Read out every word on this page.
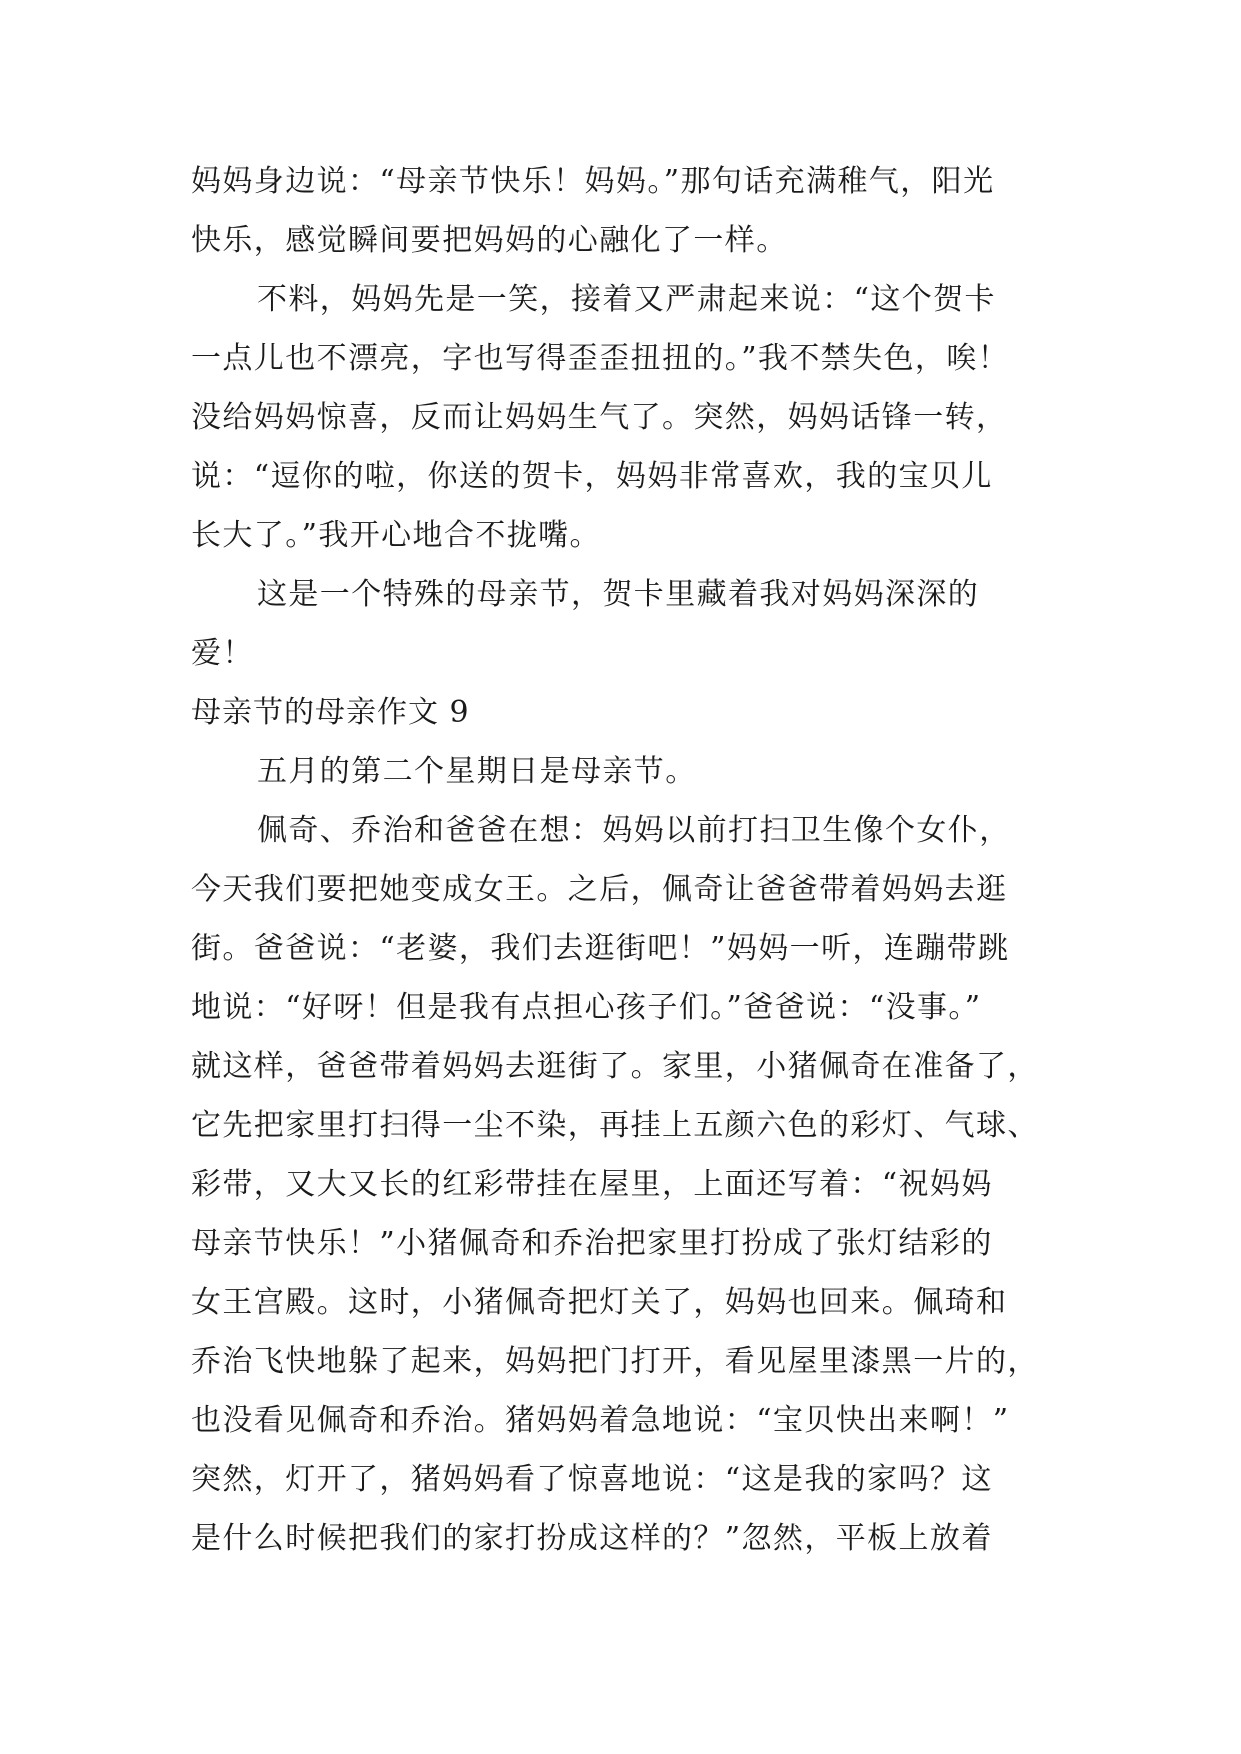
妈妈身边说：“母亲节快乐！妈妈。”那句话充满稚气，阳光
快乐，感觉瞬间要把妈妈的心融化了一样。
不料，妈妈先是一笑，接着又严肃起来说：“这个贺卡
一点儿也不漂亮，字也写得歪歪扭扭的。”我不禁失色，唉！
没给妈妈惊喜，反而让妈妈生气了。突然，妈妈话锋一转，
说：“逗你的啦，你送的贺卡，妈妈非常喜欢，我的宝贝儿
长大了。”我开心地合不拢嘴。
这是一个特殊的母亲节，贺卡里藏着我对妈妈深深的
爱！
母亲节的母亲作文 9
五月的第二个星期日是母亲节。
佩奇、乔治和爸爸在想：妈妈以前打扫卫生像个女仆，
今天我们要把她变成女王。之后，佩奇让爸爸带着妈妈去逛
街。爸爸说：“老婆，我们去逛街吧！”妈妈一听，连蹦带跳
地说：“好呀！但是我有点担心孩子们。”爸爸说：“没事。”
就这样，爸爸带着妈妈去逛街了。家里，小猪佩奇在准备了，
它先把家里打扫得一尘不染，再挂上五颜六色的彩灯、气球、
彩带，又大又长的红彩带挂在屋里，上面还写着：“祝妈妈
母亲节快乐！”小猪佩奇和乔治把家里打扮成了张灯结彩的
女王宫殿。这时，小猪佩奇把灯关了，妈妈也回来。佩琦和
乔治飞快地躲了起来，妈妈把门打开，看见屋里漆黑一片的，
也没看见佩奇和乔治。猪妈妈着急地说：“宝贝快出来啊！”
突然，灯开了，猪妈妈看了惊喜地说：“这是我的家吗？这
是什么时候把我们的家打扮成这样的？”忽然，平板上放着
